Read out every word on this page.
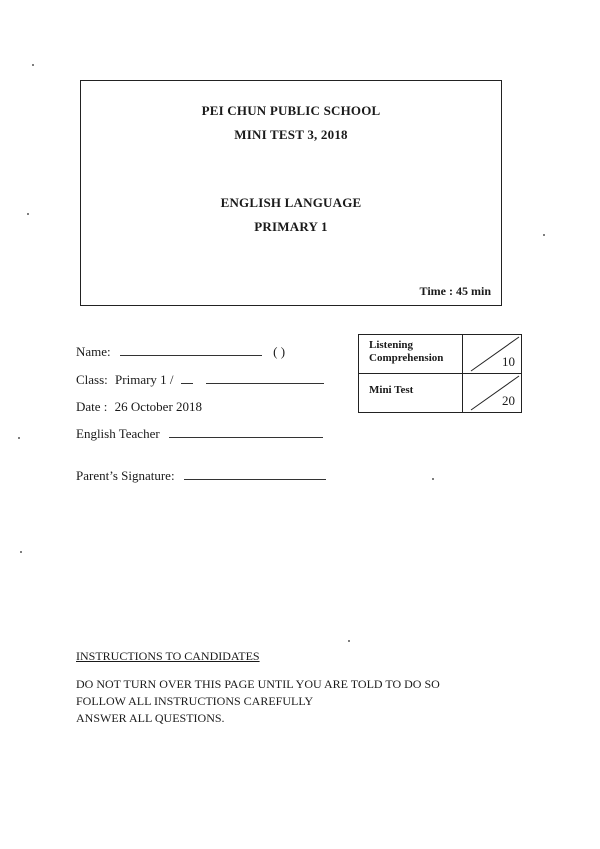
PEI CHUN PUBLIC SCHOOL
MINI TEST 3, 2018
ENGLISH LANGUAGE
PRIMARY 1
Time : 45 min
Name:	( )
Class: Primary 1 /
Date : 26 October 2018
English Teacher
Parent’s Signature:
Listening Comprehension	10

Mini Test	20
INSTRUCTIONS TO CANDIDATES
DO NOT TURN OVER THIS PAGE UNTIL YOU ARE TOLD TO DO SO
FOLLOW ALL INSTRUCTIONS CAREFULLY
ANSWER ALL QUESTIONS.
